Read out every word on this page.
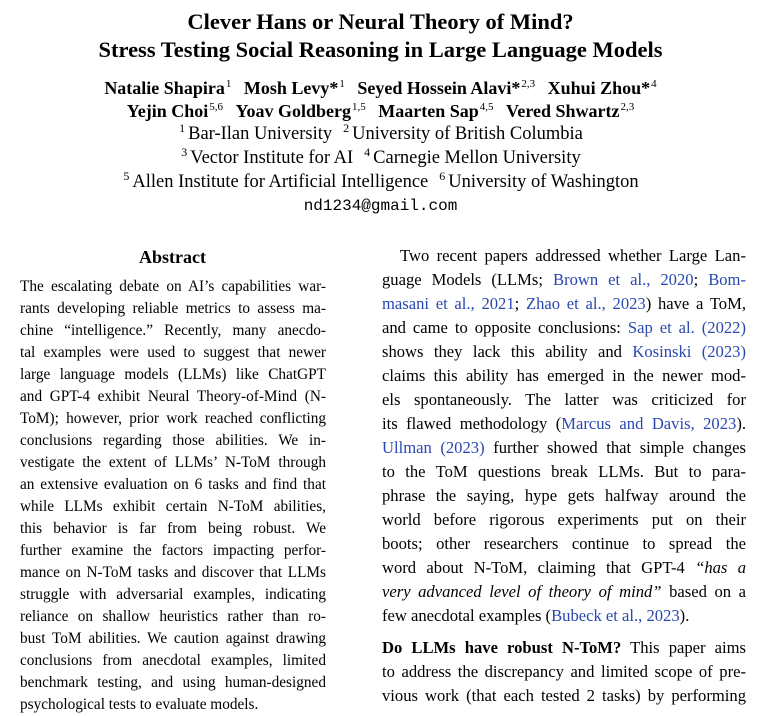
Clever Hans or Neural Theory of Mind?
Stress Testing Social Reasoning in Large Language Models
Natalie Shapira$^1$ Mosh Levy*$^1$ Seyed Hossein Alavi*$^{2,3}$ Xuhui Zhou*$^4$
Yejin Choi$^{5,6}$ Yoav Goldberg$^{1,5}$ Maarten Sap$^{4,5}$ Vered Shwartz$^{2,3}$
$^1$ Bar-Ilan University $^2$ University of British Columbia
$^3$ Vector Institute for AI $^4$ Carnegie Mellon University
$^5$ Allen Institute for Artificial Intelligence $^6$ University of Washington
nd1234@gmail.com
Abstract
The escalating debate on AI’s capabilities war-
rants developing reliable metrics to assess ma-
chine “intelligence.” Recently, many anecdo-
tal examples were used to suggest that newer
large language models (LLMs) like ChatGPT
and GPT-4 exhibit Neural Theory-of-Mind (N-
ToM); however, prior work reached conflicting
conclusions regarding those abilities. We in-
vestigate the extent of LLMs’ N-ToM through
an extensive evaluation on 6 tasks and find that
while LLMs exhibit certain N-ToM abilities,
this behavior is far from being robust. We
further examine the factors impacting perfor-
mance on N-ToM tasks and discover that LLMs
struggle with adversarial examples, indicating
reliance on shallow heuristics rather than ro-
bust ToM abilities. We caution against drawing
conclusions from anecdotal examples, limited
benchmark testing, and using human-designed
psychological tests to evaluate models.
Two recent papers addressed whether Large Lan-
guage Models (LLMs; Brown et al., 2020; Bom-
masani et al., 2021; Zhao et al., 2023) have a ToM,
and came to opposite conclusions: Sap et al. (2022)
shows they lack this ability and Kosinski (2023)
claims this ability has emerged in the newer mod-
els spontaneously. The latter was criticized for
its flawed methodology (Marcus and Davis, 2023).
Ullman (2023) further showed that simple changes
to the ToM questions break LLMs. But to para-
phrase the saying, hype gets halfway around the
world before rigorous experiments put on their
boots; other researchers continue to spread the
word about N-ToM, claiming that GPT-4 “has a
very advanced level of theory of mind” based on a
few anecdotal examples (Bubeck et al., 2023).
Do LLMs have robust N-ToM? This paper aims
to address the discrepancy and limited scope of pre-
vious work (that each tested 2 tasks) by performing
